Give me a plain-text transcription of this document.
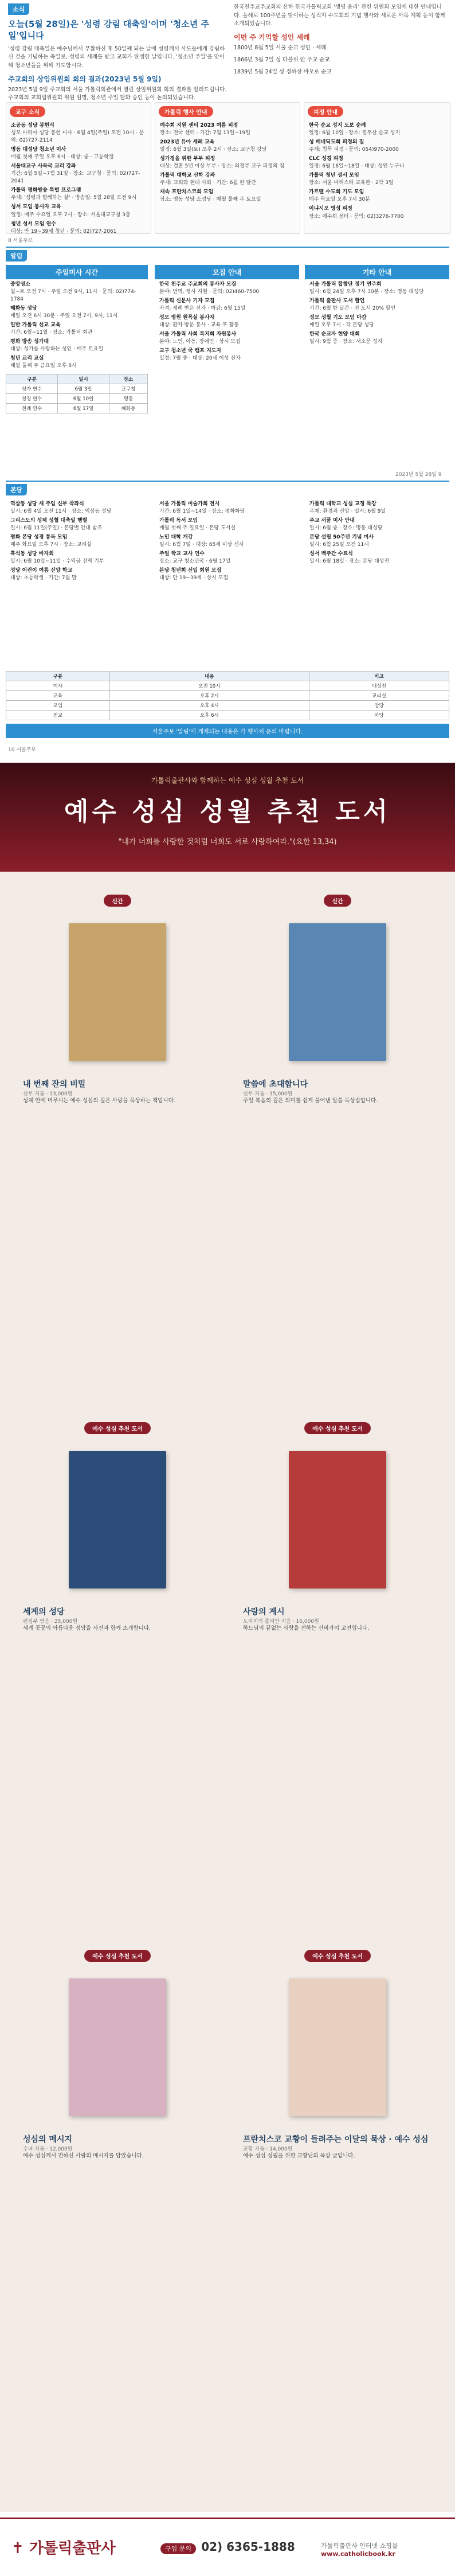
소식
오늘(5월 28일)은 '성령 강림 대축일'이며 '청소년 주일'입니다

'성령 강림 대축일은 예수님께서 부활하신 후 50일째 되는 날에 성령께서 사도들에게 강림하신 것을 기념하는 축일로, 성령의 세례를 받고 교회가 탄생한 날입니다. '청소년 주일'을 맞이해 청소년들을 위해 기도합시다.

주교회의 상임위원회 회의 결과(2023년 5월 9일)

2023년 5월 9일 주교회의 서울 가톨릭회관에서 열린 상임위원회 회의 결과를 알려드립니다. 주교회의 교회법위원회 위원 임명, 청소년 주일 담화 승인 등이 논의되었습니다.

한국천주교주교회의 산하 한국가톨릭교회 '생명 윤리' 관련 위원회 모임에 대한 안내입니다. 올해로 100주년을 맞이하는 성직자 수도회의 기념 행사와 새로운 사목 계획 등이 함께 소개되었습니다.

이번 주 기억할 성인 세례
1800년 8월 5일 서울 순교 성인 · 세례
1866년 3월 7일 성 다블뤼 안 주교 순교
1839년 5월 24일 성 정하상 바오로 순교
교구 소식
소공동 성당 봉헌식
성모 마리아 성당 봉헌 미사 · 6월 4일(주일) 오전 10시 · 문의: 02)727-2114
명동 대성당 청소년 미사
매월 첫째 주일 오후 6시 · 대상: 중 · 고등학생
서울대교구 사목국 교리 강좌
기간: 6월 5일~7월 31일 · 장소: 교구청 · 문의: 02)727-2041
가톨릭 평화방송 특별 프로그램
주제: '성령과 함께하는 삶' · 방송일: 5월 28일 오전 9시
성서 모임 봉사자 교육
일정: 매주 수요일 오후 7시 · 장소: 서울대교구청 3층
청년 성서 모임 연수
대상: 만 19~39세 청년 · 문의: 02)727-2061
가톨릭 행사 안내
예수회 지원 센터 2023 여름 피정
장소: 전국 센터 · 기간: 7월 13일~19일
2023년 유아 세례 교육
일정: 6월 3일(토) 오후 2시 · 장소: 교구청 강당
성가정을 위한 부부 피정
대상: 결혼 5년 이상 부부 · 장소: 의정부 교구 피정의 집
가톨릭 대학교 신학 강좌
주제: 교회와 현대 사회 · 기간: 6월 한 달간
재속 프란치스코회 모임
장소: 명동 성당 소성당 · 매월 둘째 주 토요일
피정 안내
한국 순교 성지 도보 순례
일정: 6월 10일 · 장소: 절두산 순교 성지
성 베네딕도회 피정의 집
주제: 침묵 피정 · 문의: 054)970-2000
CLC 성경 피정
일정: 6월 16일~18일 · 대상: 성인 누구나
가톨릭 청년 성서 모임
장소: 서울 마리스타 교육관 · 2박 3일
가르멜 수도회 기도 모임
매주 목요일 오후 7시 30분
이냐시오 영성 피정
장소: 예수회 센터 · 문의: 02)3276-7700
8 서울주보
알림
주일미사 시간
중앙성소
월~토 오전 7시 · 주일 오전 9시, 11시 · 문의: 02)774-1784
혜화동 성당
매일 오전 6시 30분 · 주일 오전 7시, 9시, 11시
일반 가톨릭 선교 교육
기간: 6월~11월 · 장소: 가톨릭 회관
평화 방송 성가대
대상: 성가를 사랑하는 성인 · 매주 토요일
청년 교리 교실
매월 둘째 주 금요일 오후 8시
구분	일시	장소
성가 연수	6월 3일	교구청
성경 연수	6월 10일	명동
전례 연수	6월 17일	혜화동
모집 안내
한국 천주교 주교회의 봉사자 모집
분야: 번역, 행사 지원 · 문의: 02)460-7500
가톨릭 신문사 기자 모집
자격: 세례 받은 신자 · 마감: 6월 15일
성모 병원 원목실 봉사자
대상: 환자 방문 봉사 · 교육 후 활동
서울 가톨릭 사회 복지회 자원봉사
분야: 노인, 아동, 장애인 · 상시 모집
교구 청소년 국 캠프 지도자
일정: 7월 중 · 대상: 20세 이상 신자
기타 안내
서울 가톨릭 합창단 정기 연주회
일시: 6월 24일 오후 7시 30분 · 장소: 명동 대성당
가톨릭 출판사 도서 할인
기간: 6월 한 달간 · 전 도서 20% 할인
성모 성월 기도 모임 마감
매일 오후 7시 · 각 본당 성당
한국 순교자 현양 대회
일시: 9월 중 · 장소: 서소문 성지
2023년 5월 28일 9
본당
역삼동 성당 새 주임 신부 착좌식
일시: 6월 4일 오전 11시 · 장소: 역삼동 성당
그리스도의 성체 성혈 대축일 행렬
일시: 6월 11일(주일) · 본당별 안내 참조
평화 본당 성경 통독 모임
매주 화요일 오후 7시 · 장소: 교리실
흑석동 성당 바자회
일시: 6월 10일~11일 · 수익금 전액 기부
성당 어린이 여름 신앙 학교
대상: 초등학생 · 기간: 7월 말
서울 가톨릭 미술가회 전시
기간: 6월 1일~14일 · 장소: 평화화랑
가톨릭 독서 모임
매월 첫째 주 일요일 · 본당 도서실
노인 대학 개강
일시: 6월 7일 · 대상: 65세 이상 신자
주일 학교 교사 연수
장소: 교구 청소년국 · 6월 17일
본당 청년회 신입 회원 모집
대상: 만 19~39세 · 상시 모집
가톨릭 대학교 성심 교정 특강
주제: 환경과 신앙 · 일시: 6월 9일
주교 서품 미사 안내
일시: 6월 중 · 장소: 명동 대성당
본당 설립 50주년 기념 미사
일시: 6월 25일 오전 11시
성서 백주간 수료식
일시: 6월 18일 · 장소: 본당 대성전
구분	내용	비고
미사	오전 10시	대성전
교육	오후 2시	교리실
모임	오후 4시	강당
친교	오후 6시	마당
서울주보 '알림'에 게재되는 내용은 각 행사처 문의 바랍니다.
10 서울주보
가톨릭출판사와 함께하는 예수 성심 성월 추천 도서
예수 성심 성월 추천 도서
"내가 너희를 사랑한 것처럼 너희도 서로 사랑하여라."(요한 13,34)
신간
내 번째 잔의 비밀
신부 지음 · 13,000원
성체 안에 머무시는 예수 성심의 깊은 사랑을 묵상하는 책입니다.
신간
말씀에 초대합니다
신부 지음 · 15,000원
주일 복음의 깊은 의미를 쉽게 풀어낸 말씀 묵상집입니다.
예수 성심 추천 도서
세계의 성당
편집부 엮음 · 25,000원
세계 곳곳의 아름다운 성당을 사진과 함께 소개합니다.
예수 성심 추천 도서
사랑의 계시
노리치의 줄리안 지음 · 16,000원
하느님의 끝없는 사랑을 전하는 신비가의 고전입니다.
예수 성심 추천 도서
성심의 메시지
수녀 지음 · 12,000원
예수 성심께서 전하신 사랑의 메시지를 담았습니다.
예수 성심 추천 도서
프란치스코 교황이 들려주는 이달의 묵상 · 예수 성심
교황 지음 · 14,000원
예수 성심 성월을 위한 교황님의 묵상 글입니다.
✝ 가톨릭출판사	구입 문의 02) 6365-1888	가톨릭출판사 인터넷 쇼핑몰
www.catholicbook.kr
